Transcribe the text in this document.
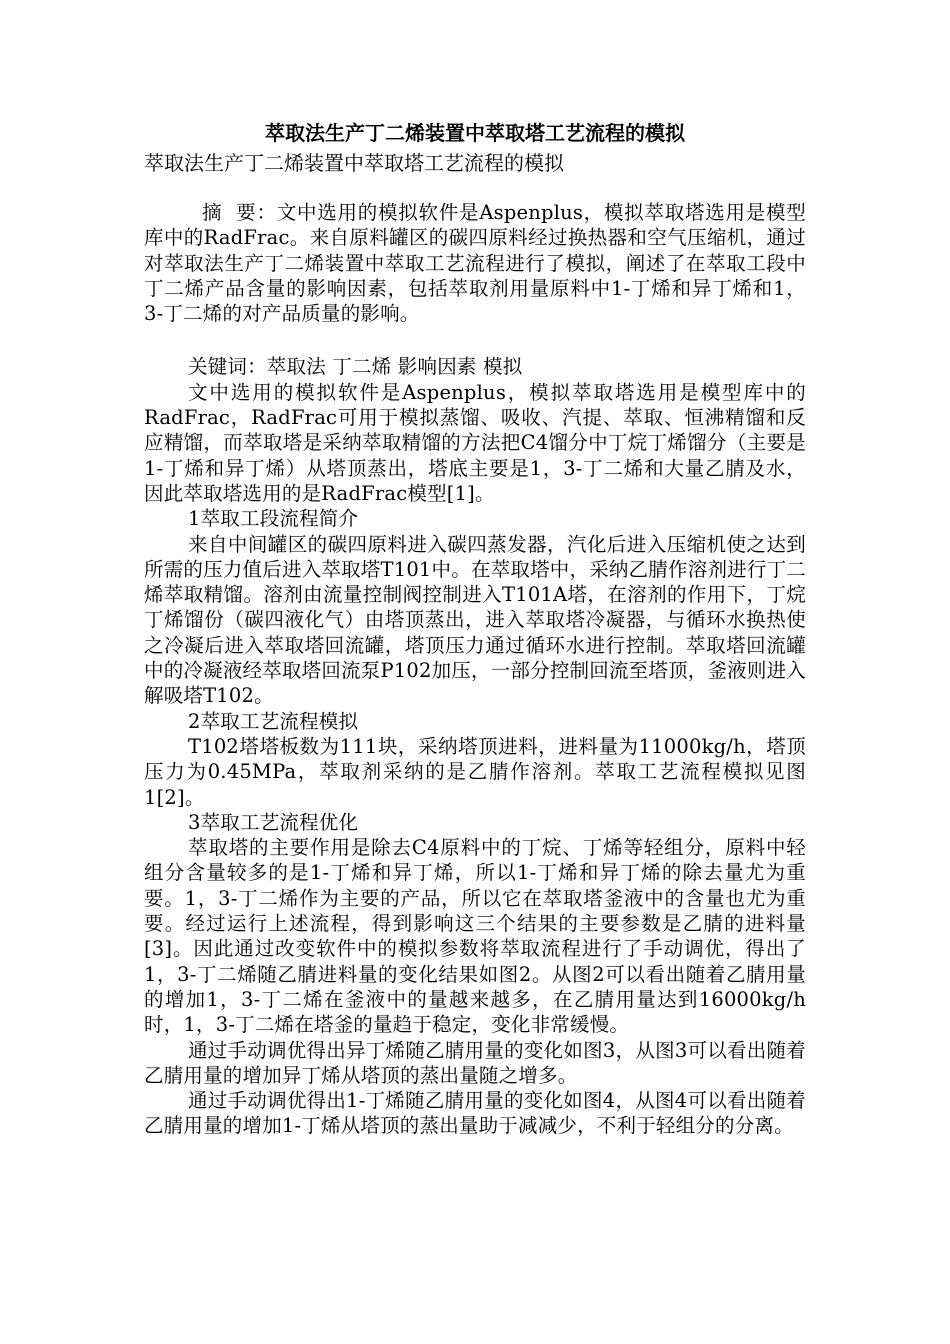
萃取法生产丁二烯装置中萃取塔工艺流程的模拟

萃取法生产丁二烯装置中萃取塔工艺流程的模拟

摘  要：文中选用的模拟软件是Aspenplus，模拟萃取塔选用是模型库中的RadFrac。来自原料罐区的碳四原料经过换热器和空气压缩机，通过对萃取法生产丁二烯装置中萃取工艺流程进行了模拟，阐述了在萃取工段中丁二烯产品含量的影响因素，包括萃取剂用量原料中1-丁烯和异丁烯和1，3-丁二烯的对产品质量的影响。

关键词：萃取法 丁二烯 影响因素 模拟

文中选用的模拟软件是Aspenplus，模拟萃取塔选用是模型库中的RadFrac，RadFrac可用于模拟蒸馏、吸收、汽提、萃取、恒沸精馏和反应精馏，而萃取塔是采纳萃取精馏的方法把C4馏分中丁烷丁烯馏分（主要是1-丁烯和异丁烯）从塔顶蒸出，塔底主要是1，3-丁二烯和大量乙腈及水，因此萃取塔选用的是RadFrac模型[1]。

1萃取工段流程简介

来自中间罐区的碳四原料进入碳四蒸发器，汽化后进入压缩机使之达到所需的压力值后进入萃取塔T101中。在萃取塔中，采纳乙腈作溶剂进行丁二烯萃取精馏。溶剂由流量控制阀控制进入T101A塔，在溶剂的作用下，丁烷丁烯馏份（碳四液化气）由塔顶蒸出，进入萃取塔冷凝器，与循环水换热使之冷凝后进入萃取塔回流罐，塔顶压力通过循环水进行控制。萃取塔回流罐中的冷凝液经萃取塔回流泵P102加压，一部分控制回流至塔顶，釜液则进入解吸塔T102。

2萃取工艺流程模拟

T102塔塔板数为111块，采纳塔顶进料，进料量为11000kg/h，塔顶压力为0.45MPa，萃取剂采纳的是乙腈作溶剂。萃取工艺流程模拟见图1[2]。

3萃取工艺流程优化

萃取塔的主要作用是除去C4原料中的丁烷、丁烯等轻组分，原料中轻组分含量较多的是1-丁烯和异丁烯，所以1-丁烯和异丁烯的除去量尤为重要。1，3-丁二烯作为主要的产品，所以它在萃取塔釜液中的含量也尤为重要。经过运行上述流程，得到影响这三个结果的主要参数是乙腈的进料量[3]。因此通过改变软件中的模拟参数将萃取流程进行了手动调优，得出了1，3-丁二烯随乙腈进料量的变化结果如图2。从图2可以看出随着乙腈用量的增加1，3-丁二烯在釜液中的量越来越多，在乙腈用量达到16000kg/h时，1，3-丁二烯在塔釜的量趋于稳定，变化非常缓慢。

通过手动调优得出异丁烯随乙腈用量的变化如图3，从图3可以看出随着乙腈用量的增加异丁烯从塔顶的蒸出量随之增多。

通过手动调优得出1-丁烯随乙腈用量的变化如图4，从图4可以看出随着乙腈用量的增加1-丁烯从塔顶的蒸出量助于减减少，不利于轻组分的分离。
